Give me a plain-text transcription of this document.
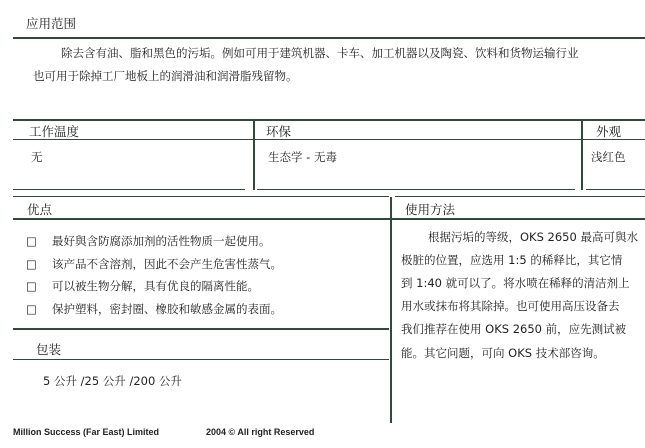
应用范围
除去含有油、脂和黑色的污垢。例如可用于建筑机器、卡车、加工机器以及陶瓷、饮料和货物运输行业
也可用于除掉工厂地板上的润滑油和润滑脂残留物。
工作温度	环保	外观
无	生态学 - 无毒	浅红色
优点	使用方法
□ 最好與含防腐添加剂的活性物质一起使用。
□ 该产品不含溶剂，因此不会产生危害性蒸气。
□ 可以被生物分解，具有优良的隔离性能。
□ 保护塑料，密封圈、橡胶和敏感金属的表面。
包装
5 公升 /25 公升 /200 公升
根据污垢的等级，OKS 2650 最高可與水
极脏的位置，应选用 1:5 的稀释比，其它情
到 1:40 就可以了。将水喷在稀释的清洁剂上
用水或抹布将其除掉。也可使用高压设备去
我们推荐在使用 OKS 2650 前，应先测试被
能。其它问题，可向 OKS 技术部咨询。
Million Success (Far East) Limited	2004 © All right Reserved
